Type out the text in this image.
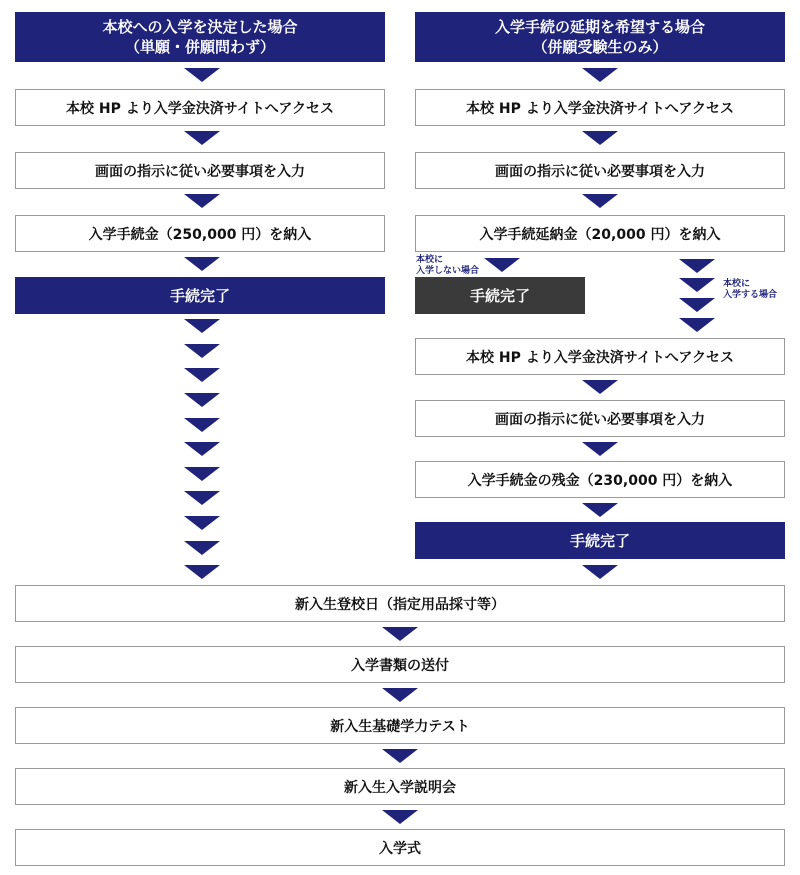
本校への入学を決定した場合
（単願・併願問わず）
本校 HP より入学金決済サイトへアクセス
画面の指示に従い必要事項を入力
入学手続金（250,000 円）を納入
手続完了
入学手続の延期を希望する場合
（併願受験生のみ）
本校 HP より入学金決済サイトへアクセス
画面の指示に従い必要事項を入力
入学手続延納金（20,000 円）を納入
本校に
入学しない場合
手続完了
本校に
入学する場合
本校 HP より入学金決済サイトへアクセス
画面の指示に従い必要事項を入力
入学手続金の残金（230,000 円）を納入
手続完了
新入生登校日（指定用品採寸等）
入学書類の送付
新入生基礎学力テスト
新入生入学説明会
入学式
